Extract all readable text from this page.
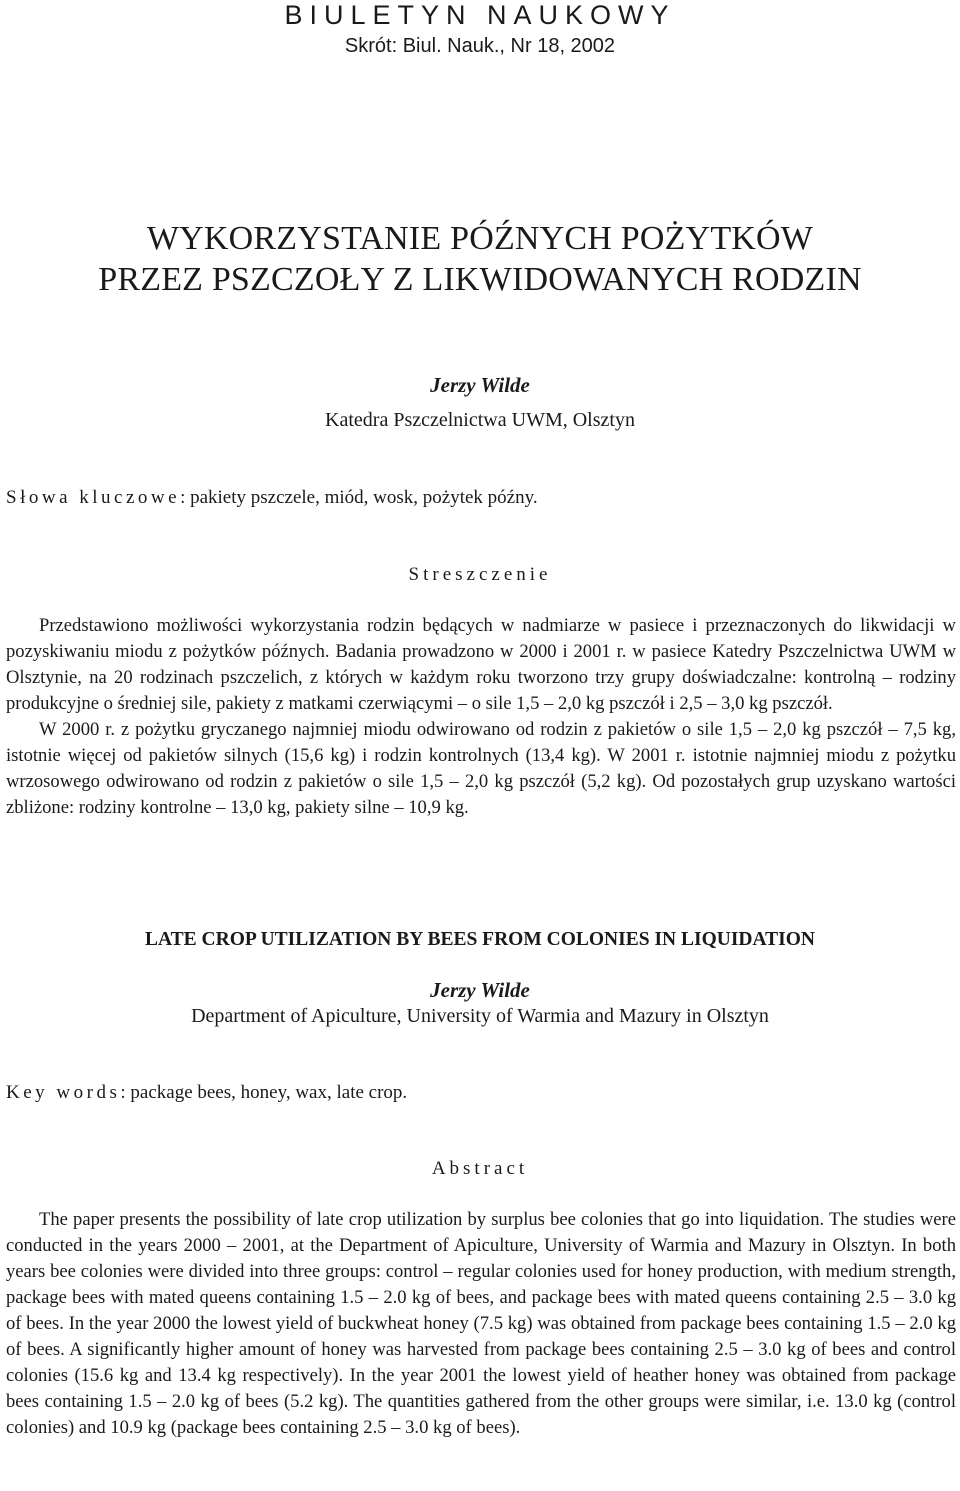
BIULETYN NAUKOWY
Skrót: Biul. Nauk., Nr 18, 2002
WYKORZYSTANIE PÓŹNYCH POŻYTKÓW
PRZEZ PSZCZOŁY Z LIKWIDOWANYCH RODZIN
Jerzy Wilde
Katedra Pszczelnictwa UWM, Olsztyn
Słowa kluczowe: pakiety pszczele, miód, wosk, pożytek późny.
Streszczenie

Przedstawiono możliwości wykorzystania rodzin będących w nadmiarze w pasiece i przeznaczonych do likwidacji w pozyskiwaniu miodu z pożytków późnych. Badania prowadzono w 2000 i 2001 r. w pasiece Katedry Pszczelnictwa UWM w Olsztynie, na 20 rodzinach pszczelich, z których w każdym roku tworzono trzy grupy doświadczalne: kontrolną – rodziny produkcyjne o średniej sile, pakiety z matkami czerwiącymi – o sile 1,5 – 2,0 kg pszczół i 2,5 – 3,0 kg pszczół.

W 2000 r. z pożytku gryczanego najmniej miodu odwirowano od rodzin z pakietów o sile 1,5 – 2,0 kg pszczół – 7,5 kg, istotnie więcej od pakietów silnych (15,6 kg) i rodzin kontrolnych (13,4 kg). W 2001 r. istotnie najmniej miodu z pożytku wrzosowego odwirowano od rodzin z pakietów o sile 1,5 – 2,0 kg pszczół (5,2 kg). Od pozostałych grup uzyskano wartości zbliżone: rodziny kontrolne – 13,0 kg, pakiety silne – 10,9 kg.

LATE CROP UTILIZATION BY BEES FROM COLONIES IN LIQUIDATION
Jerzy Wilde
Department of Apiculture, University of Warmia and Mazury in Olsztyn
Key words: package bees, honey, wax, late crop.
Abstract

The paper presents the possibility of late crop utilization by surplus bee colonies that go into liquidation. The studies were conducted in the years 2000 – 2001, at the Department of Apiculture, University of Warmia and Mazury in Olsztyn. In both years bee colonies were divided into three groups: control – regular colonies used for honey production, with medium strength, package bees with mated queens containing 1.5 – 2.0 kg of bees, and package bees with mated queens containing 2.5 – 3.0 kg of bees. In the year 2000 the lowest yield of buckwheat honey (7.5 kg) was obtained from package bees containing 1.5 – 2.0 kg of bees. A significantly higher amount of honey was harvested from package bees containing 2.5 – 3.0 kg of bees and control colonies (15.6 kg and 13.4 kg respectively). In the year 2001 the lowest yield of heather honey was obtained from package bees containing 1.5 – 2.0 kg of bees (5.2 kg). The quantities gathered from the other groups were similar, i.e. 13.0 kg (control colonies) and 10.9 kg (package bees containing 2.5 – 3.0 kg of bees).
